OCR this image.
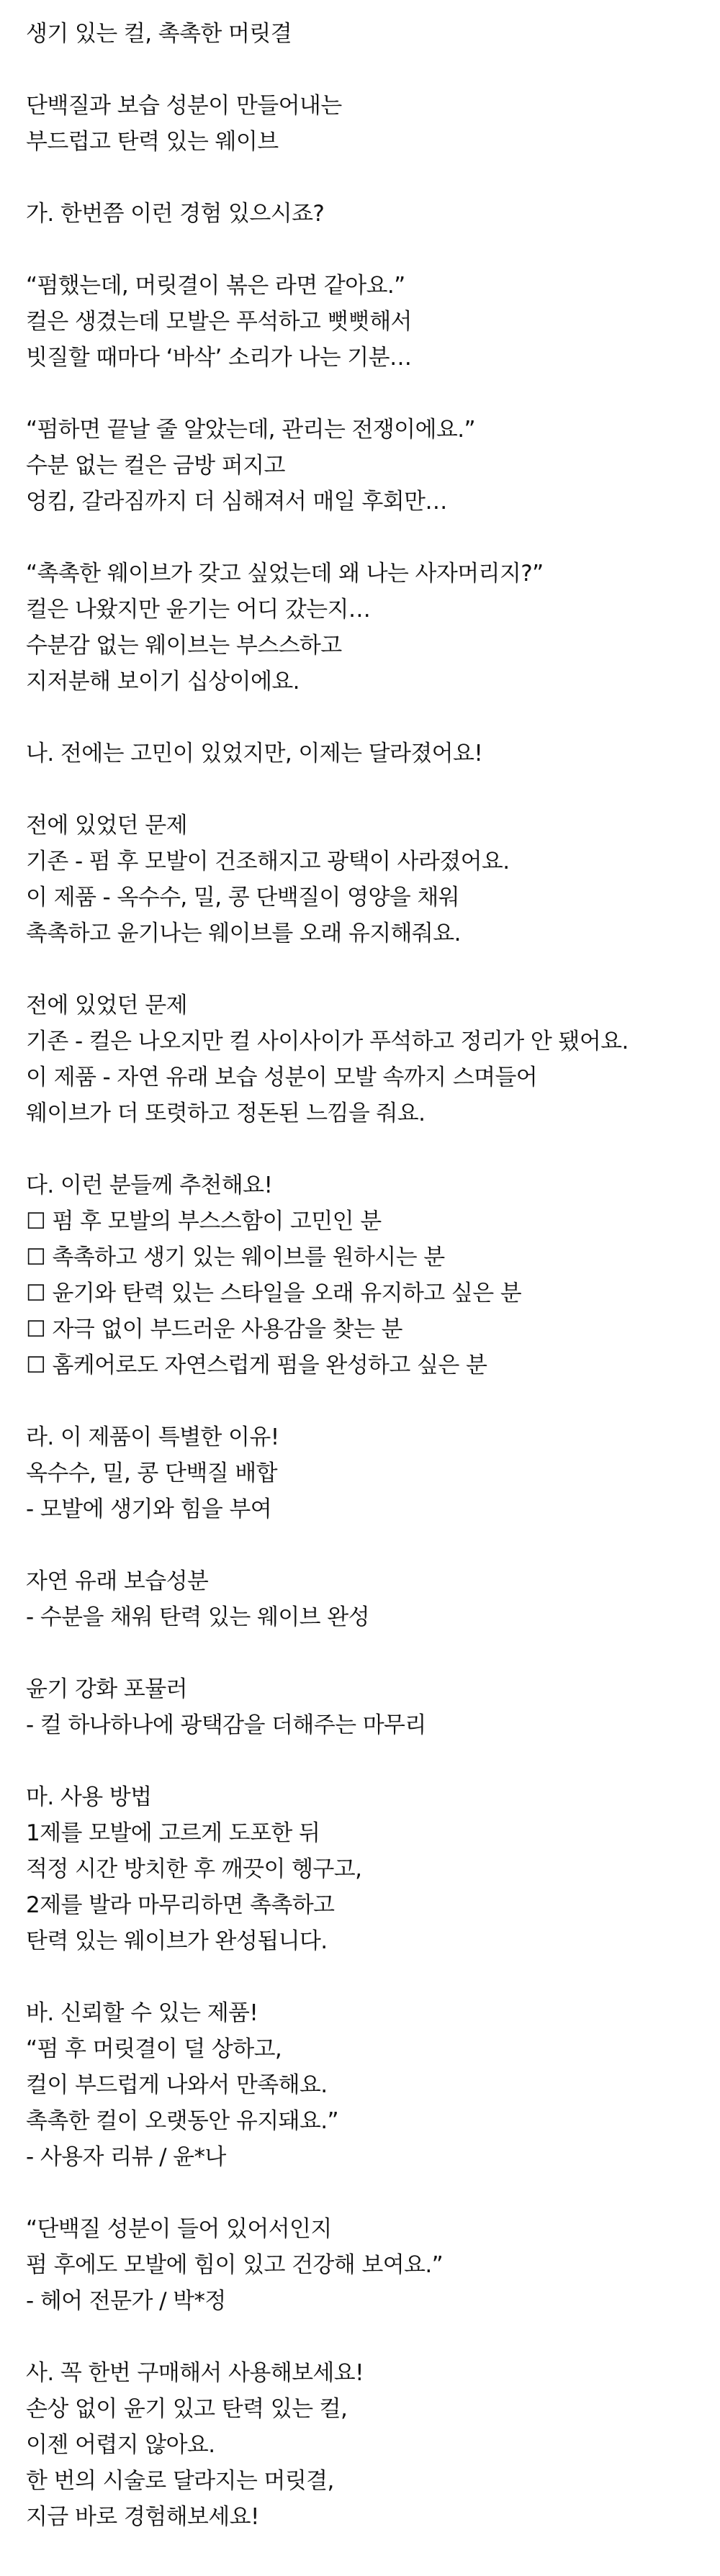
생기 있는 컬, 촉촉한 머릿결
단백질과 보습 성분이 만들어내는
부드럽고 탄력 있는 웨이브
가. 한번쯤 이런 경험 있으시죠?
“펌했는데, 머릿결이 볶은 라면 같아요.”
컬은 생겼는데 모발은 푸석하고 뻣뻣해서
빗질할 때마다 ‘바삭’ 소리가 나는 기분…
“펌하면 끝날 줄 알았는데, 관리는 전쟁이에요.”
수분 없는 컬은 금방 퍼지고
엉킴, 갈라짐까지 더 심해져서 매일 후회만…
“촉촉한 웨이브가 갖고 싶었는데 왜 나는 사자머리지?”
컬은 나왔지만 윤기는 어디 갔는지…
수분감 없는 웨이브는 부스스하고
지저분해 보이기 십상이에요.
나. 전에는 고민이 있었지만, 이제는 달라졌어요!
전에 있었던 문제
기존 - 펌 후 모발이 건조해지고 광택이 사라졌어요.
이 제품 - 옥수수, 밀, 콩 단백질이 영양을 채워
촉촉하고 윤기나는 웨이브를 오래 유지해줘요.
전에 있었던 문제
기존 - 컬은 나오지만 컬 사이사이가 푸석하고 정리가 안 됐어요.
이 제품 - 자연 유래 보습 성분이 모발 속까지 스며들어
웨이브가 더 또렷하고 정돈된 느낌을 줘요.
다. 이런 분들께 추천해요!
☐ 펌 후 모발의 부스스함이 고민인 분
☐ 촉촉하고 생기 있는 웨이브를 원하시는 분
☐ 윤기와 탄력 있는 스타일을 오래 유지하고 싶은 분
☐ 자극 없이 부드러운 사용감을 찾는 분
☐ 홈케어로도 자연스럽게 펌을 완성하고 싶은 분
라. 이 제품이 특별한 이유!
옥수수, 밀, 콩 단백질 배합
- 모발에 생기와 힘을 부여
자연 유래 보습성분
- 수분을 채워 탄력 있는 웨이브 완성
윤기 강화 포뮬러
- 컬 하나하나에 광택감을 더해주는 마무리
마. 사용 방법
1제를 모발에 고르게 도포한 뒤
적정 시간 방치한 후 깨끗이 헹구고,
2제를 발라 마무리하면 촉촉하고
탄력 있는 웨이브가 완성됩니다.
바. 신뢰할 수 있는 제품!
“펌 후 머릿결이 덜 상하고,
컬이 부드럽게 나와서 만족해요.
촉촉한 컬이 오랫동안 유지돼요.”
- 사용자 리뷰 / 윤*나
“단백질 성분이 들어 있어서인지
펌 후에도 모발에 힘이 있고 건강해 보여요.”
- 헤어 전문가 / 박*정
사. 꼭 한번 구매해서 사용해보세요!
손상 없이 윤기 있고 탄력 있는 컬,
이젠 어렵지 않아요.
한 번의 시술로 달라지는 머릿결,
지금 바로 경험해보세요!
